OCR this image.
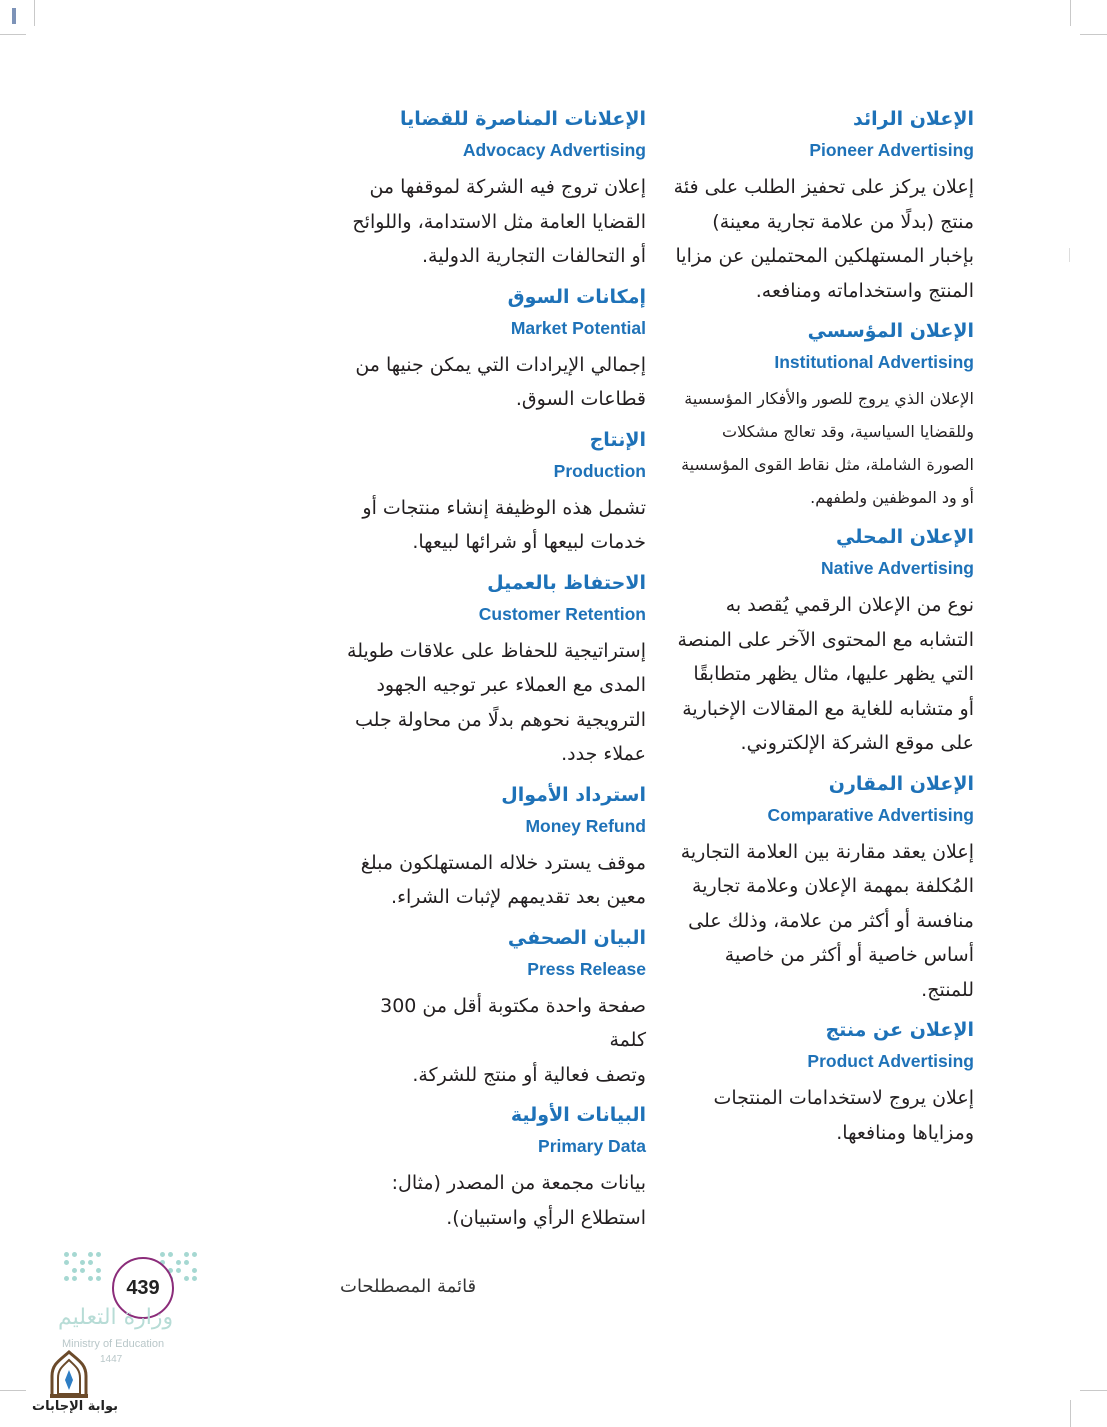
الإعلان الرائد
Pioneer Advertising
إعلان يركز على تحفيز الطلب على فئة
منتج (بدلًا من علامة تجارية معينة)
بإخبار المستهلكين المحتملين عن مزايا
المنتج واستخداماته ومنافعه.
الإعلان المؤسسي
Institutional Advertising
الإعلان الذي يروج للصور والأفكار المؤسسية
وللقضايا السياسية، وقد تعالج مشكلات
الصورة الشاملة، مثل نقاط القوى المؤسسية
أو ود الموظفين ولطفهم.
الإعلان المحلي
Native Advertising
نوع من الإعلان الرقمي يُقصد به
التشابه مع المحتوى الآخر على المنصة
التي يظهر عليها، مثال يظهر متطابقًا
أو متشابه للغاية مع المقالات الإخبارية
على موقع الشركة الإلكتروني.
الإعلان المقارن
Comparative Advertising
إعلان يعقد مقارنة بين العلامة التجارية
المُكلفة بمهمة الإعلان وعلامة تجارية
منافسة أو أكثر من علامة، وذلك على
أساس خاصية أو أكثر من خاصية
للمنتج.
الإعلان عن منتج
Product Advertising
إعلان يروج لاستخدامات المنتجات
ومزاياها ومنافعها.
الإعلانات المناصرة للقضايا
Advocacy Advertising
إعلان تروج فيه الشركة لموقفها من
القضايا العامة مثل الاستدامة، واللوائح
أو التحالفات التجارية الدولية.
إمكانات السوق
Market Potential
إجمالي الإيرادات التي يمكن جنيها من
قطاعات السوق.
الإنتاج
Production
تشمل هذه الوظيفة إنشاء منتجات أو
خدمات لبيعها أو شرائها لبيعها.
الاحتفاظ بالعميل
Customer Retention
إستراتيجية للحفاظ على علاقات طويلة
المدى مع العملاء عبر توجيه الجهود
الترويجية نحوهم بدلًا من محاولة جلب
عملاء جدد.
استرداد الأموال
Money Refund
موقف يسترد خلاله المستهلكون مبلغ
معين بعد تقديمهم لإثبات الشراء.
البيان الصحفي
Press Release
صفحة واحدة مكتوبة أقل من 300 كلمة
وتصف فعالية أو منتج للشركة.
البيانات الأولية
Primary Data
بيانات مجمعة من المصدر (مثال:
استطلاع الرأي واستبيان).
قائمة المصطلحات
439
وزارة التعليم
Ministry of Education
1447
بوابة الإجابات
